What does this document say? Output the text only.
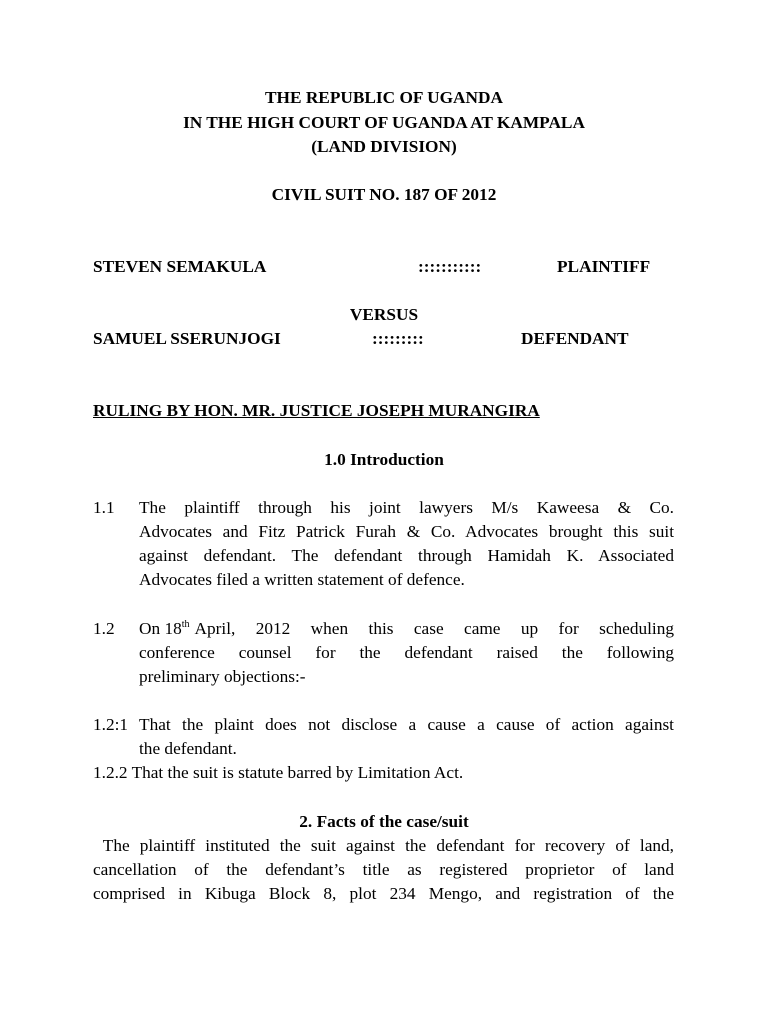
THE REPUBLIC OF UGANDA
IN THE HIGH COURT OF UGANDA AT KAMPALA
(LAND DIVISION)
CIVIL SUIT NO. 187 OF 2012
STEVEN SEMAKULA	:::::::::::	PLAINTIFF
VERSUS
SAMUEL SSERUNJOGI	:::::::::	DEFENDANT
RULING BY HON. MR. JUSTICE JOSEPH MURANGIRA
1.0 Introduction
1.1 The plaintiff through his joint lawyers M/s Kaweesa & Co.
Advocates and Fitz Patrick Furah & Co. Advocates brought this suit
against defendant. The defendant through Hamidah K. Associated
Advocates filed a written statement of defence.
1.2 On 18th April, 2012 when this case came up for scheduling
conference counsel for the defendant raised the following
preliminary objections:-
1.2:1 That the plaint does not disclose a cause a cause of action against
the defendant.
1.2.2 That the suit is statute barred by Limitation Act.
2. Facts of the case/suit
The plaintiff instituted the suit against the defendant for recovery of land,
cancellation of the defendant’s title as registered proprietor of land
comprised in Kibuga Block 8, plot 234 Mengo, and registration of the
